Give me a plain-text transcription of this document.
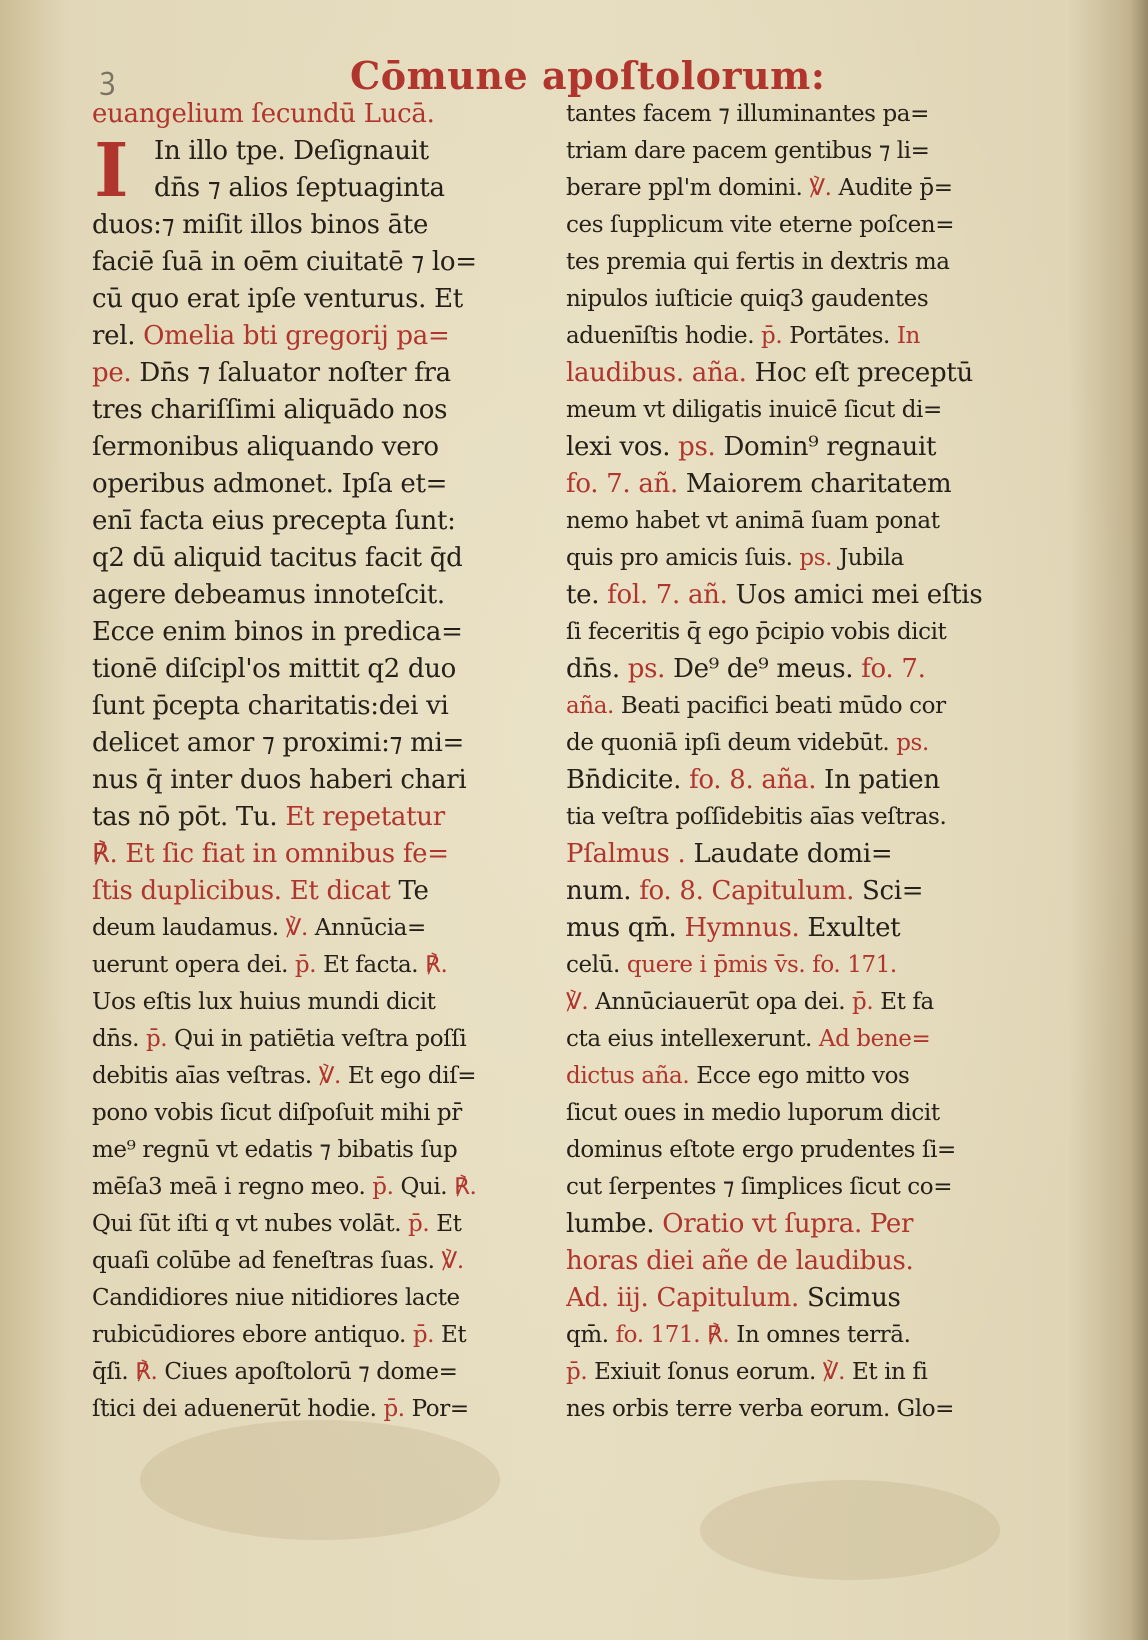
ꝫ	Cōmune apoſtolorum:
euangelium ſecundū Lucā.
In illo tpe. Deſignauit
dn̄s ⁊ alios ſeptuaginta
duos:⁊ miſit illos binos āte
faciē ſuā in oēm ciuitatē ⁊ lo=
cū quo erat ipſe venturus. Et
rel. Omelia bti gregorij pa=
pe. Dn̄s ⁊ ſaluator noſter fra
tres chariſſimi aliquādo nos
ſermonibus aliquando vero
operibus admonet. Ipſa et=
enī facta eius precepta ſunt:
q2 dū aliquid tacitus facit q̄d
agere debeamus innoteſcit.
Ecce enim binos in predica=
tionē diſcipl'os mittit q2 duo
ſunt p̄cepta charitatis:dei vi
delicet amor ⁊ proximi:⁊ mi=
nus q̄ inter duos haberi chari
tas nō pōt. Tu. Et repetatur
℟. Et ſic fiat in omnibus fe=
ſtis duplicibus. Et dicat Te
deum laudamus. ℣. Annūcia=
uerunt opera dei. p̄. Et facta. ℟.
Uos eſtis lux huius mundi dicit
dn̄s. p̄. Qui in patiētia veſtra poſſi
debitis aīas veſtras. ℣. Et ego diſ=
pono vobis ſicut diſpoſuit mihi pr̄
me⁹ regnū vt edatis ⁊ bibatis ſup
mēſa3 meā i regno meo. p̄. Qui. ℟.
Qui ſūt iſti q vt nubes volāt. p̄. Et
quaſi colūbe ad feneſtras ſuas. ℣.
Candidiores niue nitidiores lacte
rubicūdiores ebore antiquo. p̄. Et
q̄ſi. ℟. Ciues apoſtolorū ⁊ dome=
ſtici dei aduenerūt hodie. p̄. Por=
I
tantes facem ⁊ illuminantes pa=
triam dare pacem gentibus ⁊ li=
berare ppl'm domini. ℣. Audite p̄=
ces ſupplicum vite eterne poſcen=
tes premia qui fertis in dextris ma
nipulos iuſticie quiq3 gaudentes
aduenīſtis hodie. p̄. Portātes. In
laudibus. aña. Hoc eſt preceptū
meum vt diligatis inuicē ſicut di=
lexi vos. ps. Domin⁹ regnauit
fo. 7. añ. Maiorem charitatem
nemo habet vt animā ſuam ponat
quis pro amicis ſuis. ps. Jubila
te. fol. 7. añ. Uos amici mei eſtis
ſi feceritis q̄ ego p̄cipio vobis dicit
dn̄s. ps. De⁹ de⁹ meus. fo. 7.
aña. Beati pacifici beati mūdo cor
de quoniā ipſi deum videbūt. ps.
Bn̄dicite. fo. 8. aña. In patien
tia veſtra poſſidebitis aīas veſtras.
Pſalmus . Laudate domi=
num. fo. 8. Capitulum. Sci=
mus qm̄. Hymnus. Exultet
celū. quere i p̄mis v̄s. fo. 171.
℣. Annūciauerūt opa dei. p̄. Et fa
cta eius intellexerunt. Ad bene=
dictus aña. Ecce ego mitto vos
ſicut oues in medio luporum dicit
dominus eſtote ergo prudentes ſi=
cut ſerpentes ⁊ ſimplices ſicut co=
lumbe. Oratio vt ſupra. Per
horas diei añe de laudibus.
Ad. iij. Capitulum. Scimus
qm̄. fo. 171. ℟. In omnes terrā.
p̄. Exiuit ſonus eorum. ℣. Et in fi
nes orbis terre verba eorum. Glo=
